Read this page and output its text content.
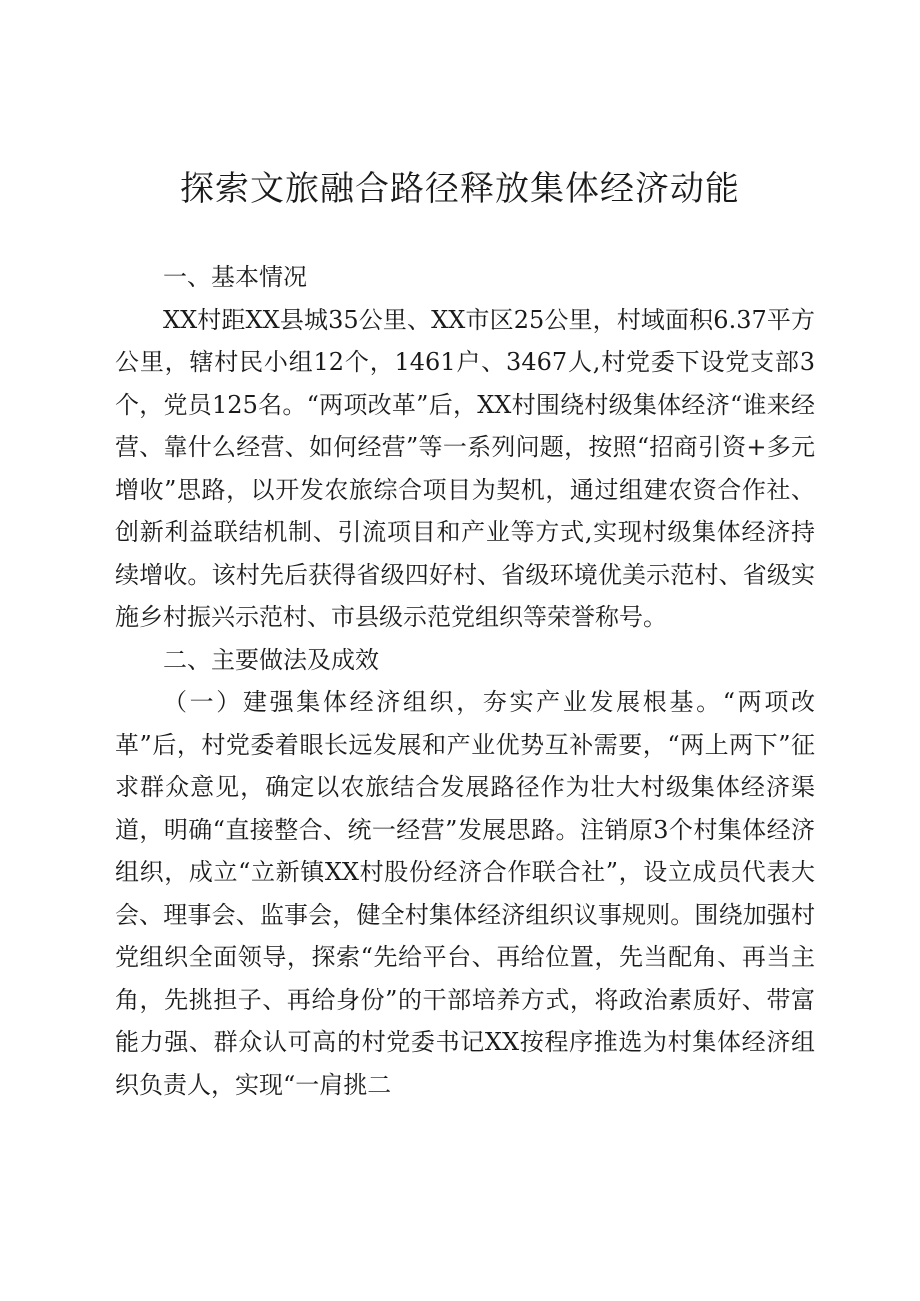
探索文旅融合路径释放集体经济动能
一、基本情况

XX村距XX县城35公里、XX市区25公里，村域面积6.37平方公里，辖村民小组12个，1461户、3467人,村党委下设党支部3个，党员125名。“两项改革”后，XX村围绕村级集体经济“谁来经营、靠什么经营、如何经营”等一系列问题，按照“招商引资+多元增收”思路，以开发农旅综合项目为契机，通过组建农资合作社、创新利益联结机制、引流项目和产业等方式,实现村级集体经济持续增收。该村先后获得省级四好村、省级环境优美示范村、省级实施乡村振兴示范村、市县级示范党组织等荣誉称号。

二、主要做法及成效

（一）建强集体经济组织，夯实产业发展根基。“两项改革”后，村党委着眼长远发展和产业优势互补需要，“两上两下”征求群众意见，确定以农旅结合发展路径作为壮大村级集体经济渠道，明确“直接整合、统一经营”发展思路。注销原3个村集体经济组织，成立“立新镇XX村股份经济合作联合社”，设立成员代表大会、理事会、监事会，健全村集体经济组织议事规则。围绕加强村党组织全面领导，探索“先给平台、再给位置，先当配角、再当主角，先挑担子、再给身份”的干部培养方式，将政治素质好、带富能力强、群众认可高的村党委书记XX按程序推选为村集体经济组织负责人，实现“一肩挑二
